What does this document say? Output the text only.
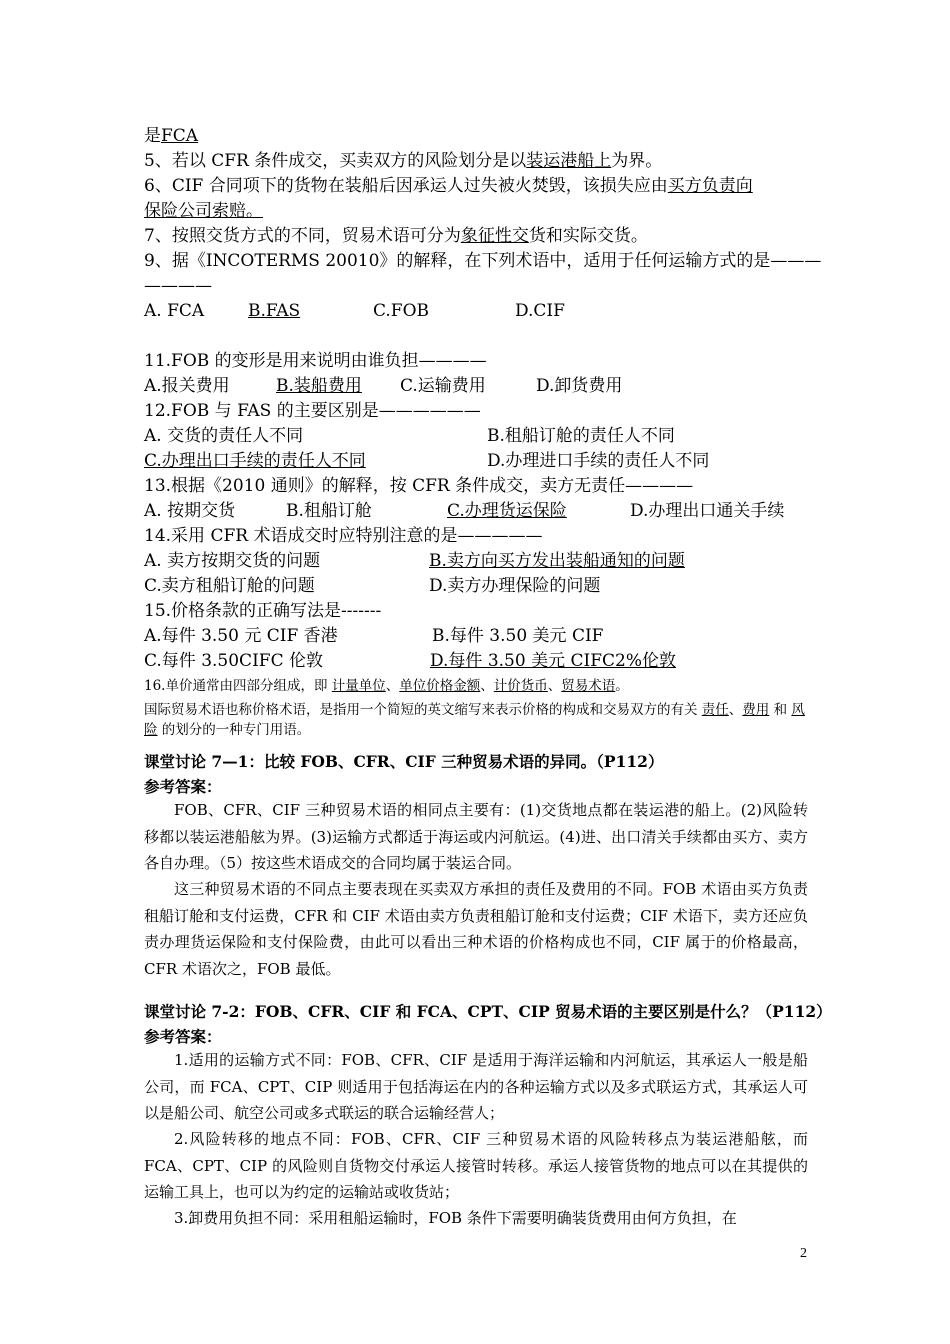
是FCA
5、若以 CFR 条件成交，买卖双方的风险划分是以装运港船上为界。
6、CIF 合同项下的货物在装船后因承运人过失被火焚毁，该损失应由买方负责向
保险公司索赔。
7、按照交货方式的不同，贸易术语可分为象征性交货和实际交货。
9、据《INCOTERMS 20010》的解释，在下列术语中，适用于任何运输方式的是———
————
A. FCA	B.FAS	C.FOB	D.CIF
11.FOB 的变形是用来说明由谁负担————
A.报关费用	B.装船费用 C.运输费用	D.卸货费用
12.FOB 与 FAS 的主要区别是——————
A. 交货的责任人不同	B.租船订舱的责任人不同
C.办理出口手续的责任人不同	D.办理进口手续的责任人不同
13.根据《2010 通则》的解释，按 CFR 条件成交，卖方无责任————
A. 按期交货	B.租船订舱	C.办理货运保险	D.办理出口通关手续
14.采用 CFR 术语成交时应特别注意的是—————
A. 卖方按期交货的问题	B.卖方向买方发出装船通知的问题
C.卖方租船订舱的问题	D.卖方办理保险的问题
15.价格条款的正确写法是-------
A.每件 3.50 元 CIF 香港	B.每件 3.50 美元 CIF
C.每件 3.50CIFC 伦敦	D.每件 3.50 美元 CIFC2%伦敦
16.单价通常由四部分组成，即 计量单位、单位价格金额、计价货币、贸易术语。
国际贸易术语也称价格术语，是指用一个简短的英文缩写来表示价格的构成和交易双方的有关 责任、费用 和 风险 的划分的一种专门用语。
课堂讨论 7—1：比较 FOB、CFR、CIF 三种贸易术语的异同。（P112）
参考答案：
FOB、CFR、CIF 三种贸易术语的相同点主要有：(1)交货地点都在装运港的船上。(2)风险转移都以装运港船舷为界。(3)运输方式都适于海运或内河航运。(4)进、出口清关手续都由买方、卖方各自办理。（5）按这些术语成交的合同均属于装运合同。
这三种贸易术语的不同点主要表现在买卖双方承担的责任及费用的不同。FOB 术语由买方负责租船订舱和支付运费，CFR 和 CIF 术语由卖方负责租船订舱和支付运费；CIF 术语下，卖方还应负责办理货运保险和支付保险费，由此可以看出三种术语的价格构成也不同，CIF 属于的价格最高，CFR 术语次之，FOB 最低。
课堂讨论 7-2：FOB、CFR、CIF 和 FCA、CPT、CIP 贸易术语的主要区别是什么？（P112）
参考答案：
1.适用的运输方式不同：FOB、CFR、CIF 是适用于海洋运输和内河航运，其承运人一般是船公司，而 FCA、CPT、CIP 则适用于包括海运在内的各种运输方式以及多式联运方式，其承运人可以是船公司、航空公司或多式联运的联合运输经营人；
2.风险转移的地点不同：FOB、CFR、CIF 三种贸易术语的风险转移点为装运港船舷，而 FCA、CPT、CIP 的风险则自货物交付承运人接管时转移。承运人接管货物的地点可以在其提供的运输工具上，也可以为约定的运输站或收货站；
3.卸费用负担不同：采用租船运输时，FOB 条件下需要明确装货费用由何方负担，在
2
